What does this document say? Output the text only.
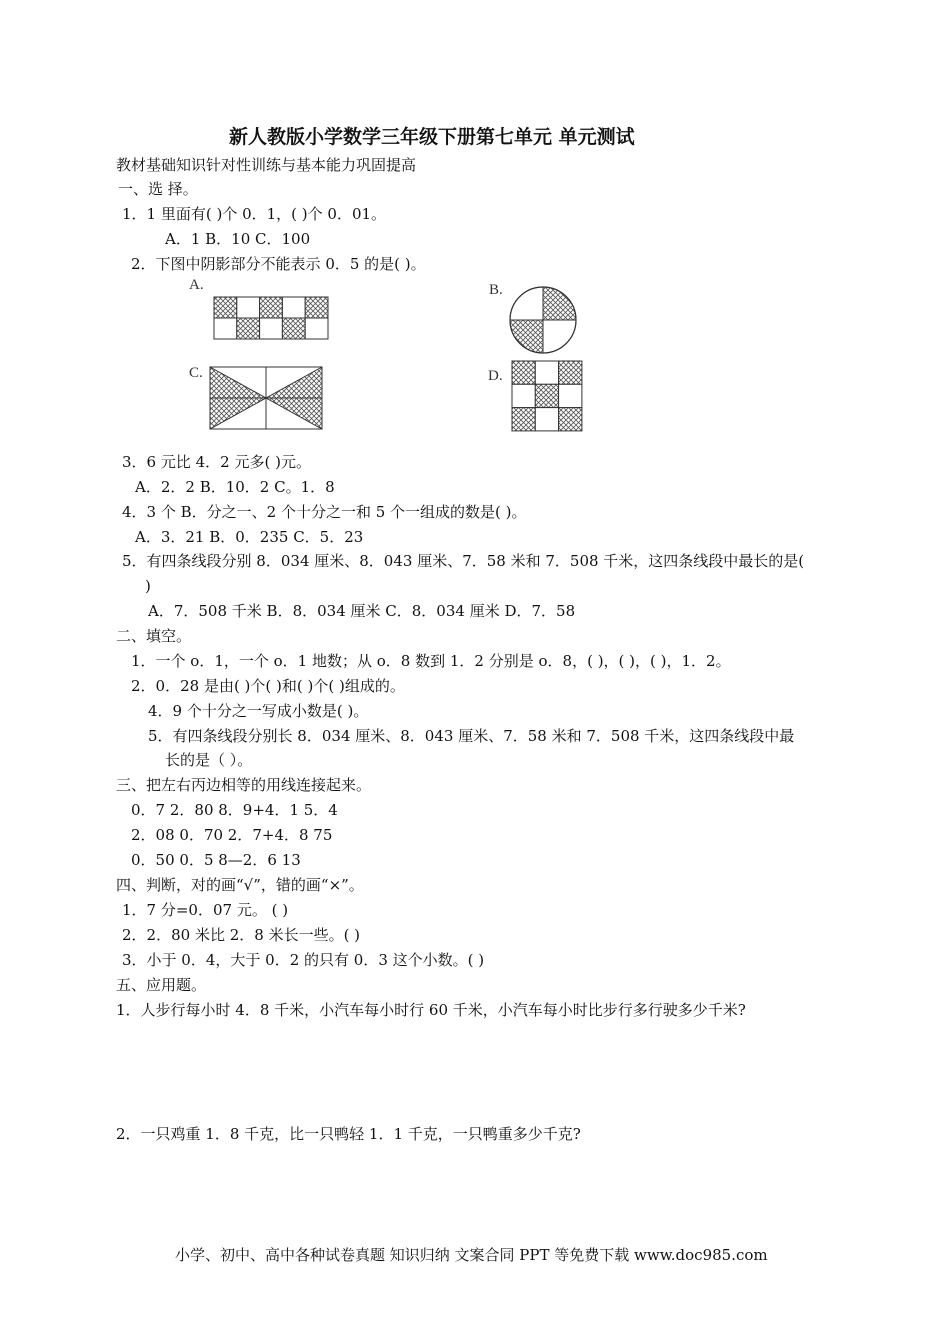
新人教版小学数学三年级下册第七单元 单元测试
教材基础知识针对性训练与基本能力巩固提高
一、选 择。
1．1 里面有( )个 0．1，( )个 0．01。
A．1 B．10 C．100
2．下图中阴影部分不能表示 0．5 的是( )。
A.	B.
C.	D.
3．6 元比 4．2 元多( )元。
A．2．2 B．10．2 C。1．8
4．3 个 B．分之一、2 个十分之一和 5 个一组成的数是( )。
A．3．21 B．0．235 C．5．23
5．有四条线段分别 8．034 厘米、8．043 厘米、7．58 米和 7．508 千米，这四条线段中最长的是(
)
A．7．508 千米 B．8．034 厘米 C．8．034 厘米 D．7．58
二、填空。
1．一个 o．1，一个 o．1 地数；从 o．8 数到 1．2 分别是 o．8，( )，( )，( )，1．2。
2．0．28 是由( )个( )和( )个( )组成的。
4．9 个十分之一写成小数是( )。
5．有四条线段分别长 8．034 厘米、8．043 厘米、7．58 米和 7．508 千米，这四条线段中最
长的是（ ）。
三、把左右丙边相等的用线连接起来。
0．7 2．80 8．9+4．1 5．4
2．08 0．70 2．7+4．8 75
0．50 0．5 8—2．6 13
四、判断，对的画“√”，错的画“×”。
1．7 分=0．07 元。 ( )
2．2．80 米比 2．8 米长一些。( )
3．小于 0．4，大于 0．2 的只有 0．3 这个小数。( )
五、应用题。
1．人步行每小时 4．8 千米，小汽车每小时行 60 千米，小汽车每小时比步行多行驶多少千米?
2．一只鸡重 1．8 千克，比一只鸭轻 1．1 千克，一只鸭重多少千克?
小学、初中、高中各种试卷真题 知识归纳 文案合同 PPT 等免费下载 www.doc985.com
